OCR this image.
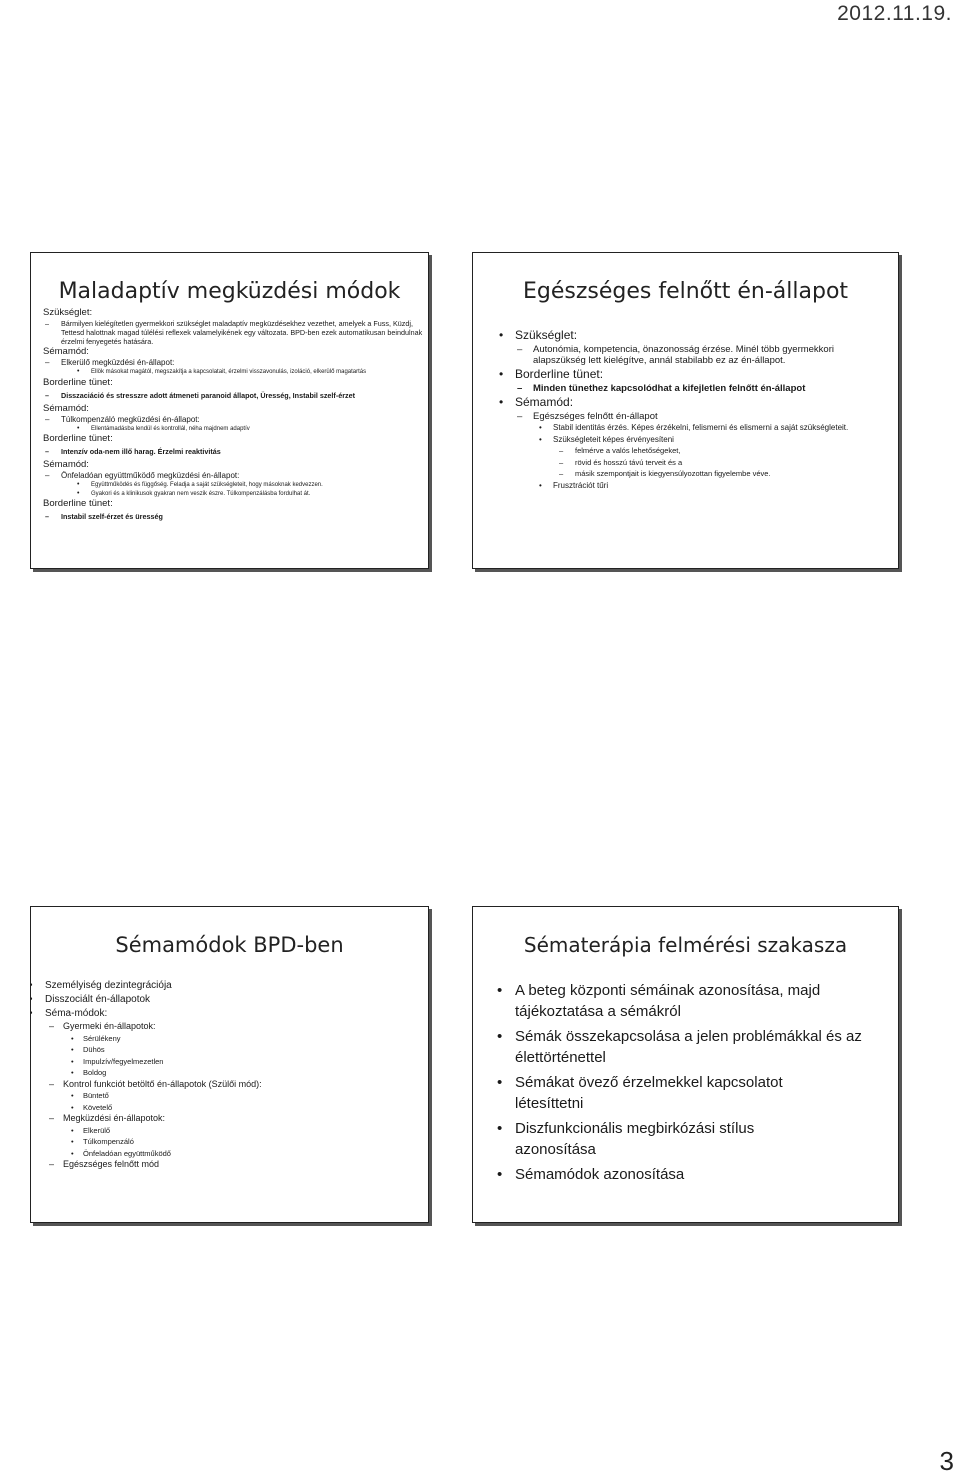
2012.11.19.
Maladaptív megküzdési módok
• Szükséglet:
– Bármilyen kielégítetlen gyermekkori szükséglet maladaptív megküzdésekhez vezethet, amelyek a Fuss, Küzdj, Tettesd halottnak magad túlélési reflexek valamelyikének egy változata. BPD-ben ezek automatikusan beindulnak érzelmi fenyegetés hatására.
• Sémamód:
– Elkerülő megküzdési én-állapot:
• Ellök másokat magától, megszakítja a kapcsolatait, érzelmi visszavonulás, izoláció, elkerülő magatartás
• Borderline tünet:
– Disszaciáció és stresszre adott átmeneti paranoid állapot, Üresség, Instabil szelf-érzet
• Sémamód:
– Túlkompenzáló megküzdési én-állapot:
• Ellentámadásba lendül és kontrollál, néha majdnem adaptív
• Borderline tünet:
– Intenzív oda-nem illő harag. Érzelmi reaktivitás
• Sémamód:
– Önfeladóan együttműködő megküzdési én-állapot:
• Együttműködés és függőség. Feladja a saját szükségleteit, hogy másoknak kedvezzen.
• Gyakori és a klinikusok gyakran nem veszik észre. Túlkompenzálásba fordulhat át.
• Borderline tünet:
– Instabil szelf-érzet és üresség
Egészséges felnőtt én-állapot
• Szükséglet:
– Autonómia, kompetencia, önazonosság érzése. Minél több gyermekkori alapszükség lett kielégítve, annál stabilabb ez az én-állapot.
• Borderline tünet:
– Minden tünethez kapcsolódhat a kifejletlen felnőtt én-állapot
• Sémamód:
– Egészséges felnőtt én-állapot
• Stabil identitás érzés. Képes érzékelni, felismerni és elismerni a saját szükségleteit.
• Szükségleteit képes érvényesíteni
– felmérve a valós lehetőségeket,
– rövid és hosszú távú terveit és a
– másik szempontjait is kiegyensúlyozottan figyelembe véve.
• Frusztrációt tűri
Sémamódok BPD-ben
• Személyiség dezintegrációja
• Disszociált én-állapotok
• Séma-módok:
– Gyermeki én-állapotok:
• Sérülékeny
• Dühös
• Impulzív/fegyelmezetlen
• Boldog
– Kontrol funkciót betöltő én-állapotok (Szülői mód):
• Büntető
• Követelő
– Megküzdési én-állapotok:
• Elkerülő
• Túlkompenzáló
• Önfeladóan együttműködő
– Egészséges felnőtt mód
Sématerápia felmérési szakasza
• A beteg központi sémáinak azonosítása, majd tájékoztatása a sémákról
• Sémák összekapcsolása a jelen problémákkal és az élettörténettel
• Sémákat övező érzelmekkel kapcsolatot létesíttetni
• Diszfunkcionális megbirkózási stílus azonosítása
• Sémamódok azonosítása
3
